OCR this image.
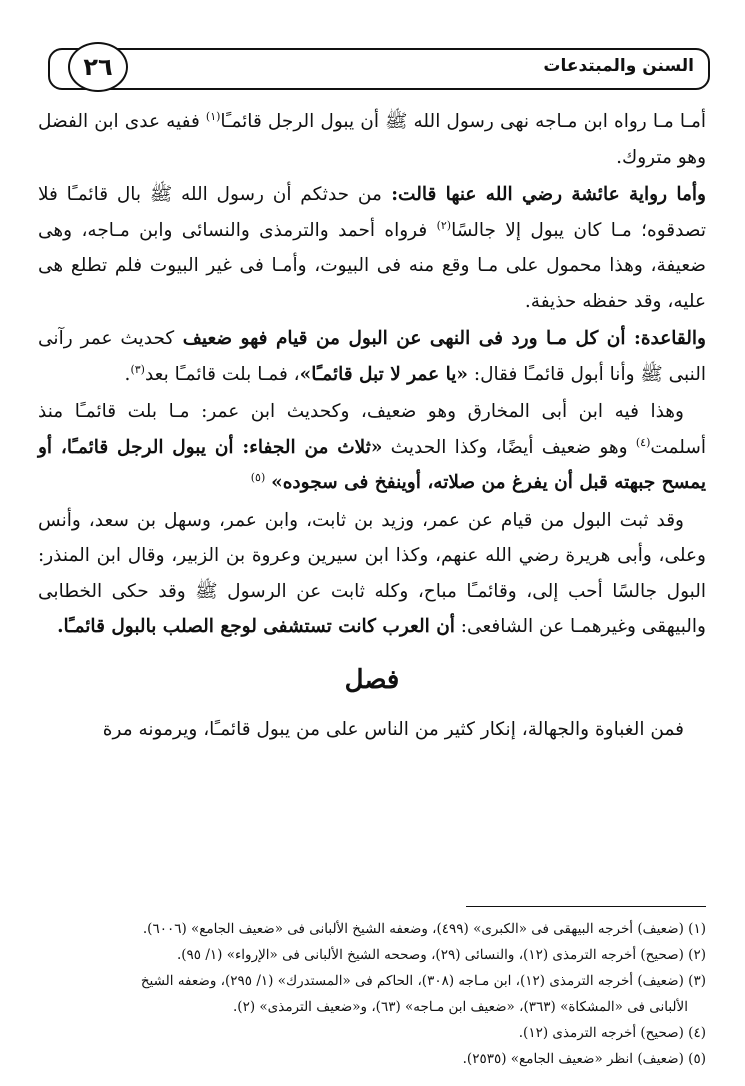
السنن والمبتدعات
٢٦

أمـا مـا رواه ابن مـاجه نهى رسول الله ﷺ أن يبول الرجل قائمـًا$^{(١)}$ ففيه عدى ابن الفضل وهو متروك.

وأما رواية عائشة رضي الله عنها قالت: من حدثكم أن رسول الله ﷺ بال قائمـًا فلا تصدقوه؛ مـا كان يبول إلا جالسًا$^{(٢)}$ فرواه أحمد والترمذى والنسائى وابن مـاجه، وهى ضعيفة، وهذا محمول على مـا وقع منه فى البيوت، وأمـا فى غير البيوت فلم تطلع هى عليه، وقد حفظه حذيفة.

والقاعدة: أن كل مـا ورد فى النهى عن البول من قيام فهو ضعيف كحديث عمر رآنى النبى ﷺ وأنا أبول قائمـًا فقال: «يا عمر لا تبل قائمـًا»، فمـا بلت قائمـًا بعد$^{(٣)}$.

وهذا فيه ابن أبى المخارق وهو ضعيف، وكحديث ابن عمر: مـا بلت قائمـًا منذ أسلمت$^{(٤)}$ وهو ضعيف أيضًا، وكذا الحديث «ثلاث من الجفاء: أن يبول الرجل قائمـًا، أو يمسح جبهته قبل أن يفرغ من صلاته، أوينفخ فى سجوده» $^{(٥)}$

وقد ثبت البول من قيام عن عمر، وزيد بن ثابت، وابن عمر، وسهل بن سعد، وأنس وعلى، وأبى هريرة رضي الله عنهم، وكذا ابن سيرين وعروة بن الزبير، وقال ابن المنذر: البول جالسًا أحب إلى، وقائمـًا مباح، وكله ثابت عن الرسول ﷺ وقد حكى الخطابى والبيهقى وغيرهمـا عن الشافعى: أن العرب كانت تستشفى لوجع الصلب بالبول قائمـًا.

فصل

فمن الغباوة والجهالة، إنكار كثير من الناس على من يبول قائمـًا، ويرمونه مرة

(١) (ضعيف) أخرجه البيهقى فى «الكبرى» (٤٩٩)، وضعفه الشيخ الألبانى فى «ضعيف الجامع» (٦٠٠٦).

(٢) (صحيح) أخرجه الترمذى (١٢)، والنسائى (٢٩)، وصححه الشيخ الألبانى فى «الإرواء» (١/ ٩٥).

(٣) (ضعيف) أخرجه الترمذى (١٢)، ابن مـاجه (٣٠٨)، الحاكم فى «المستدرك» (١/ ٢٩٥)، وضعفه الشيخ

الألبانى فى «المشكاة» (٣٦٣)، «ضعيف ابن مـاجه» (٦٣)، و«ضعيف الترمذى» (٢).

(٤) (صحيح) أخرجه الترمذى (١٢).

(٥) (ضعيف) انظر «ضعيف الجامع» (٢٥٣٥).
